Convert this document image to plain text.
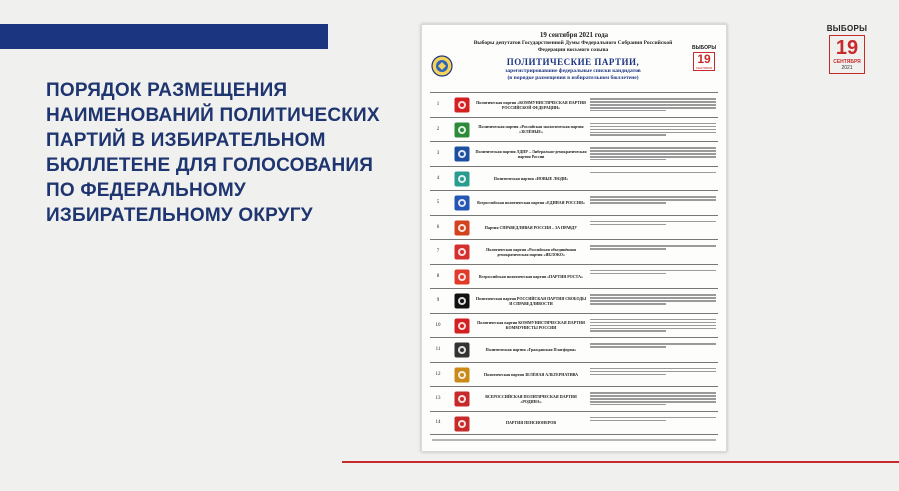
ПОРЯДОК РАЗМЕЩЕНИЯ
НАИМЕНОВАНИЙ ПОЛИТИЧЕСКИХ
ПАРТИЙ В ИЗБИРАТЕЛЬНОМ
БЮЛЛЕТЕНЕ ДЛЯ ГОЛОСОВАНИЯ
ПО ФЕДЕРАЛЬНОМУ
ИЗБИРАТЕЛЬНОМУ ОКРУГУ
ВЫБОРЫ
19
СЕНТЯБРЯ
2021
19 сентября 2021 года
Выборы депутатов Государственной Думы Федерального Собрания Российской Федерации восьмого созыва	ВЫБОРЫ
19
СЕНТЯБРЯ
ПОЛИТИЧЕСКИЕ ПАРТИИ,
зарегистрировавшие федеральные списки кандидатов
(в порядке размещения в избирательном бюллетене)
1	Политическая партия «КОММУНИСТИЧЕСКАЯ ПАРТИЯ РОССИЙСКОЙ ФЕДЕРАЦИИ»
2	Политическая партия «Российская экологическая партия «ЗЕЛЁНЫЕ»
3	Политическая партия ЛДПР – Либерально-демократическая партия России
4	Политическая партия «НОВЫЕ ЛЮДИ»
5	Всероссийская политическая партия «ЕДИНАЯ РОССИЯ»
6	Партия СПРАВЕДЛИВАЯ РОССИЯ – ЗА ПРАВДУ
7	Политическая партия «Российская объединённая демократическая партия «ЯБЛОКО»
8	Всероссийская политическая партия «ПАРТИЯ РОСТА»
9	Политическая партия РОССИЙСКАЯ ПАРТИЯ СВОБОДЫ И СПРАВЕДЛИВОСТИ
10	Политическая партия КОММУНИСТИЧЕСКАЯ ПАРТИЯ КОММУНИСТЫ РОССИИ
11	Политическая партия «Гражданская Платформа»
12	Политическая партия ЗЕЛЁНАЯ АЛЬТЕРНАТИВА
13	ВСЕРОССИЙСКАЯ ПОЛИТИЧЕСКАЯ ПАРТИЯ «РОДИНА»
14	ПАРТИЯ ПЕНСИОНЕРОВ
